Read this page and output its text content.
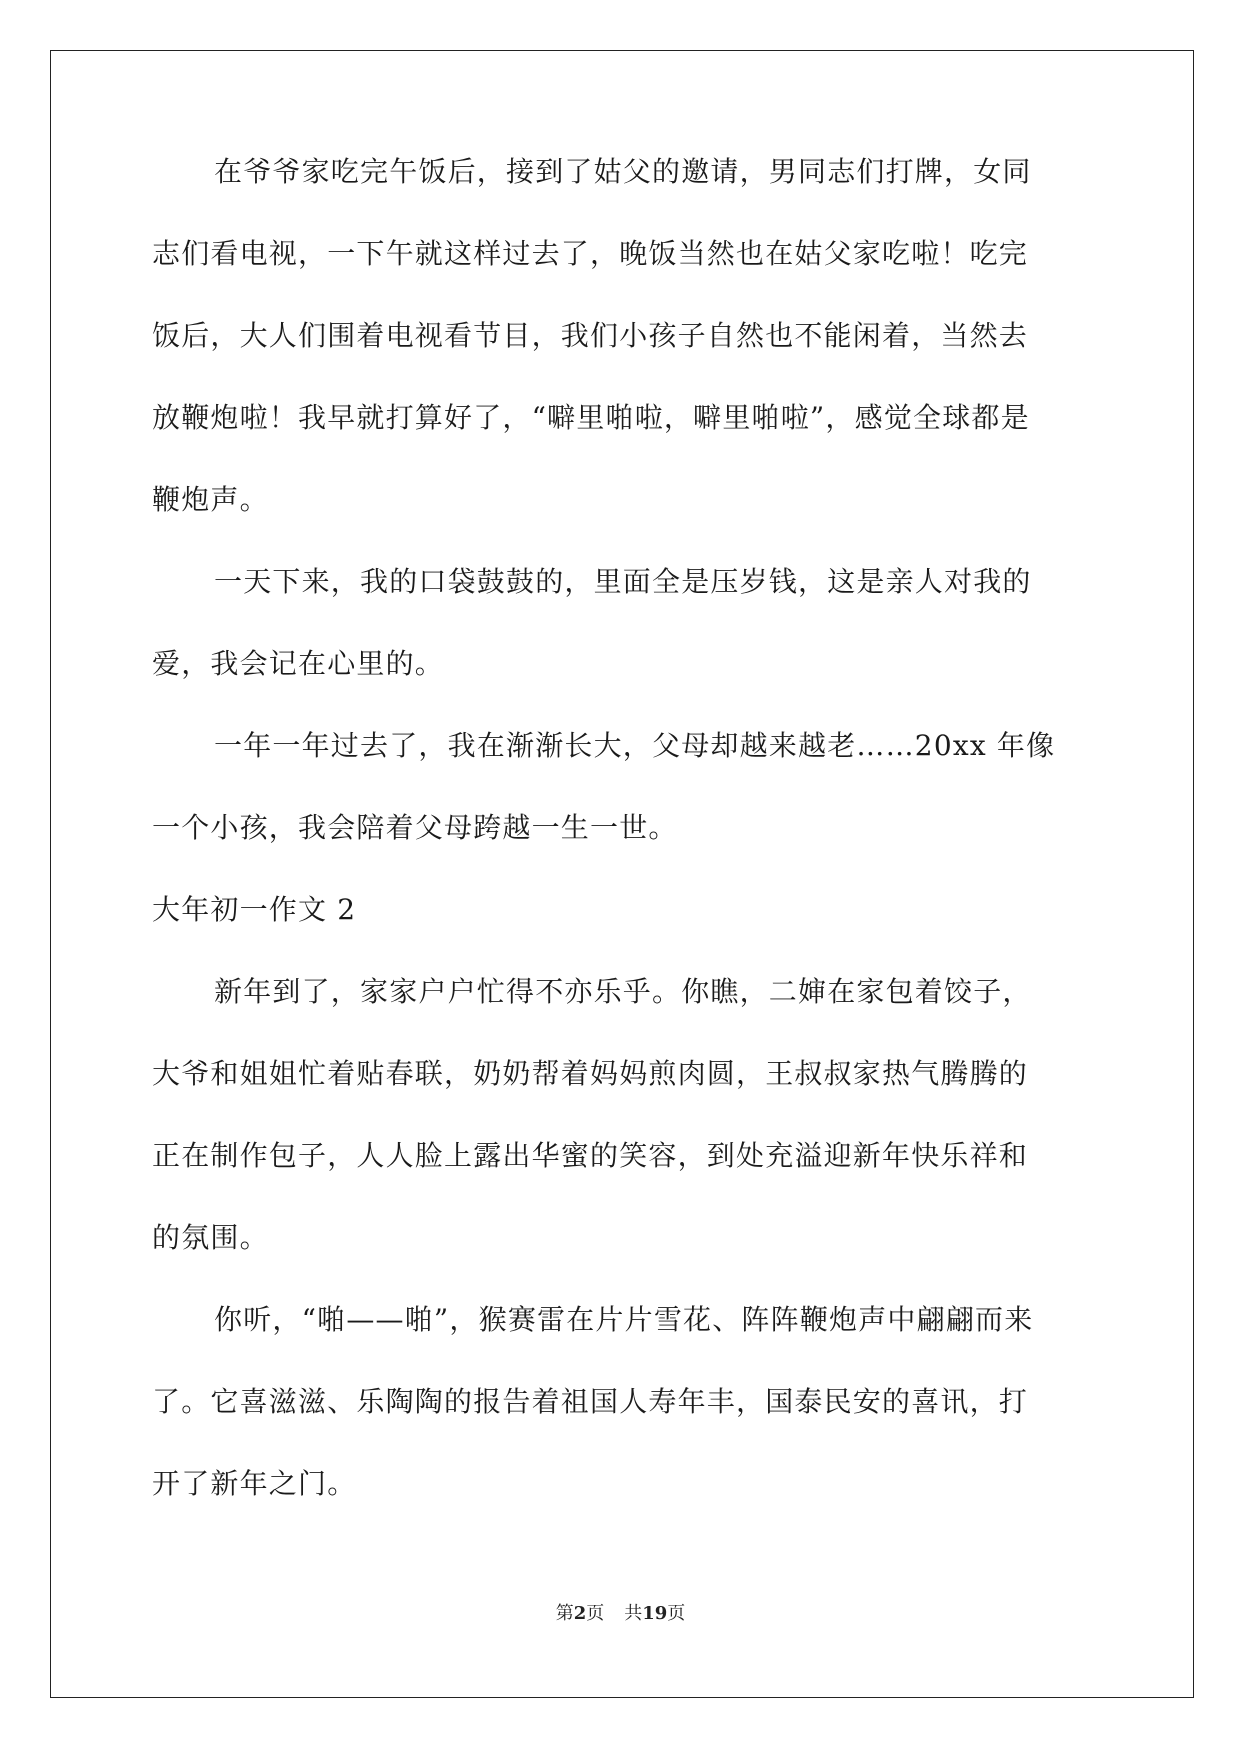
在爷爷家吃完午饭后，接到了姑父的邀请，男同志们打牌，女同
志们看电视，一下午就这样过去了，晚饭当然也在姑父家吃啦！吃完
饭后，大人们围着电视看节目，我们小孩子自然也不能闲着，当然去
放鞭炮啦！我早就打算好了，“噼里啪啦，噼里啪啦”，感觉全球都是
鞭炮声。
一天下来，我的口袋鼓鼓的，里面全是压岁钱，这是亲人对我的
爱，我会记在心里的。
一年一年过去了，我在渐渐长大，父母却越来越老……20xx 年像
一个小孩，我会陪着父母跨越一生一世。
大年初一作文 2
新年到了，家家户户忙得不亦乐乎。你瞧，二婶在家包着饺子，
大爷和姐姐忙着贴春联，奶奶帮着妈妈煎肉圆，王叔叔家热气腾腾的
正在制作包子，人人脸上露出华蜜的笑容，到处充溢迎新年快乐祥和
的氛围。
你听，“啪——啪”，猴赛雷在片片雪花、阵阵鞭炮声中翩翩而来
了。它喜滋滋、乐陶陶的报告着祖国人寿年丰，国泰民安的喜讯，打
开了新年之门。
第2页 共19页
